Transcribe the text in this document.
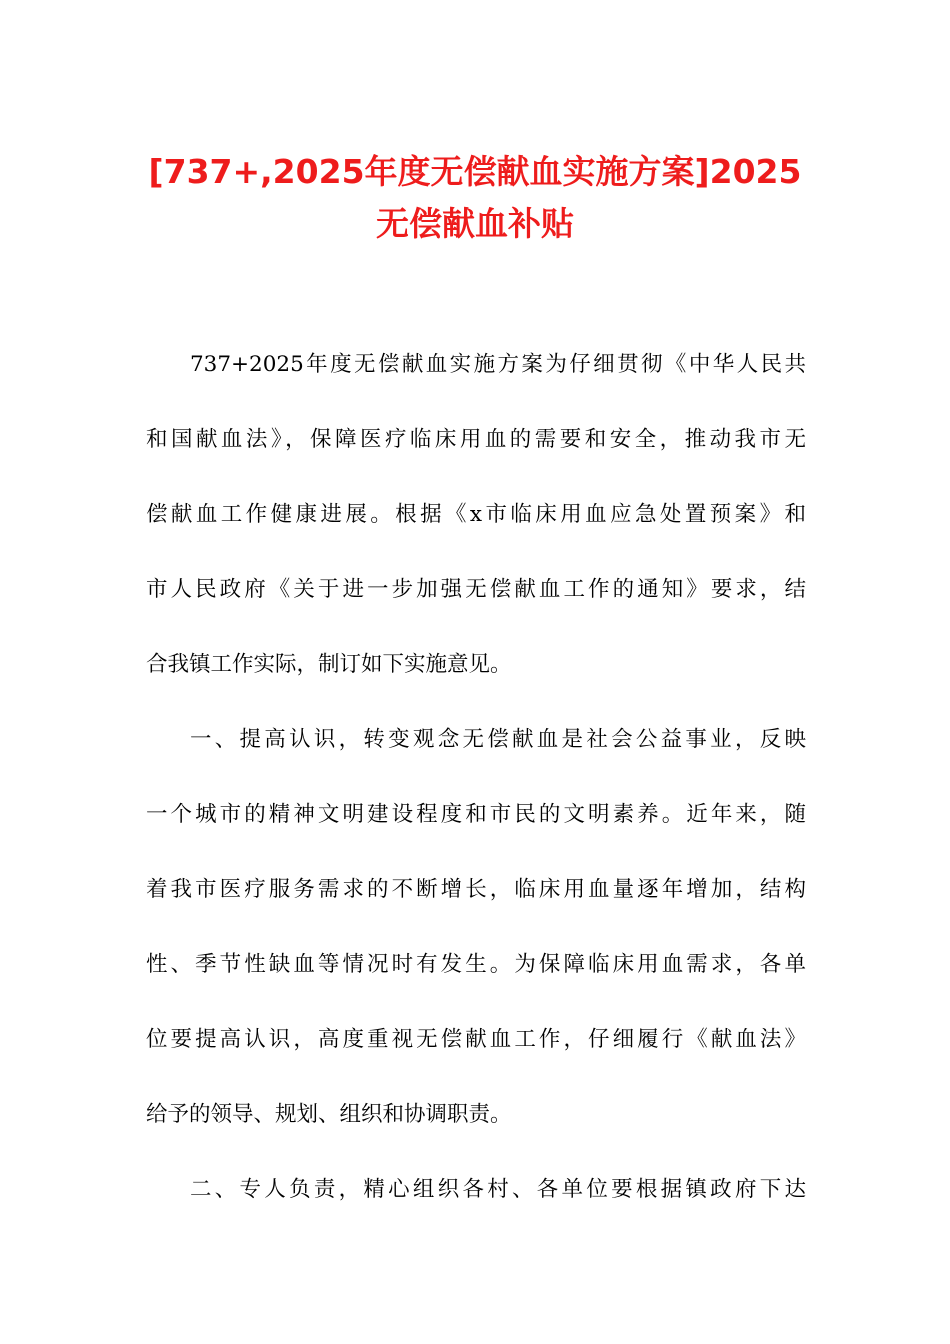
[737+,2025年度无偿献血实施方案]2025
无偿献血补贴
737+2025年度无偿献血实施方案为仔细贯彻《中华人民共
和国献血法》，保障医疗临床用血的需要和安全，推动我市无
偿献血工作健康进展。根据《x市临床用血应急处置预案》和
市人民政府《关于进一步加强无偿献血工作的通知》要求，结
合我镇工作实际，制订如下实施意见。
一、提高认识，转变观念无偿献血是社会公益事业，反映
一个城市的精神文明建设程度和市民的文明素养。近年来，随
着我市医疗服务需求的不断增长，临床用血量逐年增加，结构
性、季节性缺血等情况时有发生。为保障临床用血需求，各单
位要提高认识，高度重视无偿献血工作，仔细履行《献血法》
给予的领导、规划、组织和协调职责。
二、专人负责，精心组织各村、各单位要根据镇政府下达
